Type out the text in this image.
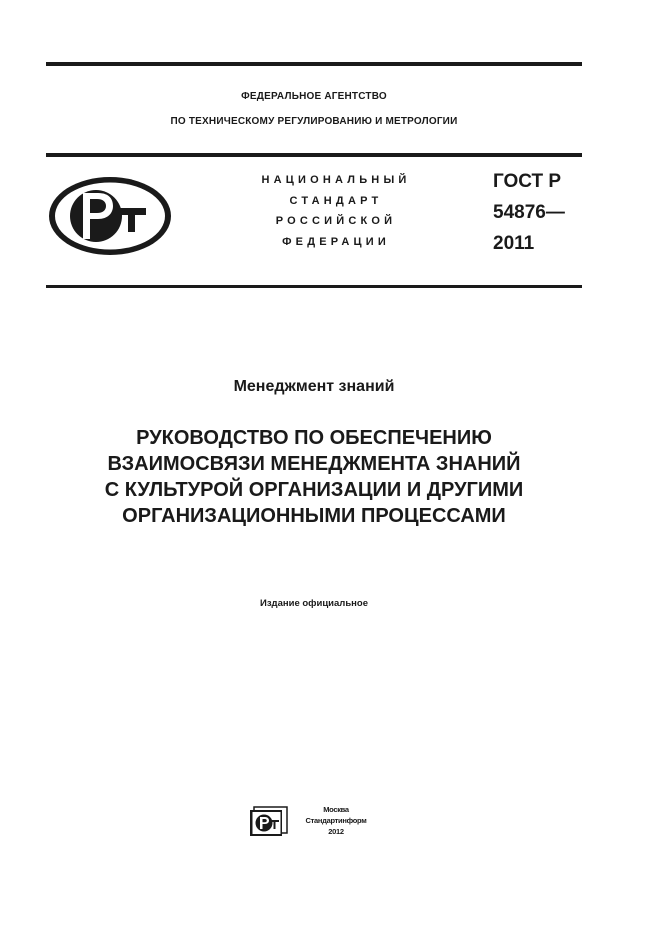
ФЕДЕРАЛЬНОЕ АГЕНТСТВО
ПО ТЕХНИЧЕСКОМУ РЕГУЛИРОВАНИЮ И МЕТРОЛОГИИ
НАЦИОНАЛЬНЫЙ
СТАНДАРТ
РОССИЙСКОЙ
ФЕДЕРАЦИИ
ГОСТ Р
54876—
2011
Менеджмент знаний
РУКОВОДСТВО ПО ОБЕСПЕЧЕНИЮ
ВЗАИМОСВЯЗИ МЕНЕДЖМЕНТА ЗНАНИЙ
С КУЛЬТУРОЙ ОРГАНИЗАЦИИ И ДРУГИМИ
ОРГАНИЗАЦИОННЫМИ ПРОЦЕССАМИ
Издание официальное
Москва
Стандартинформ
2012
